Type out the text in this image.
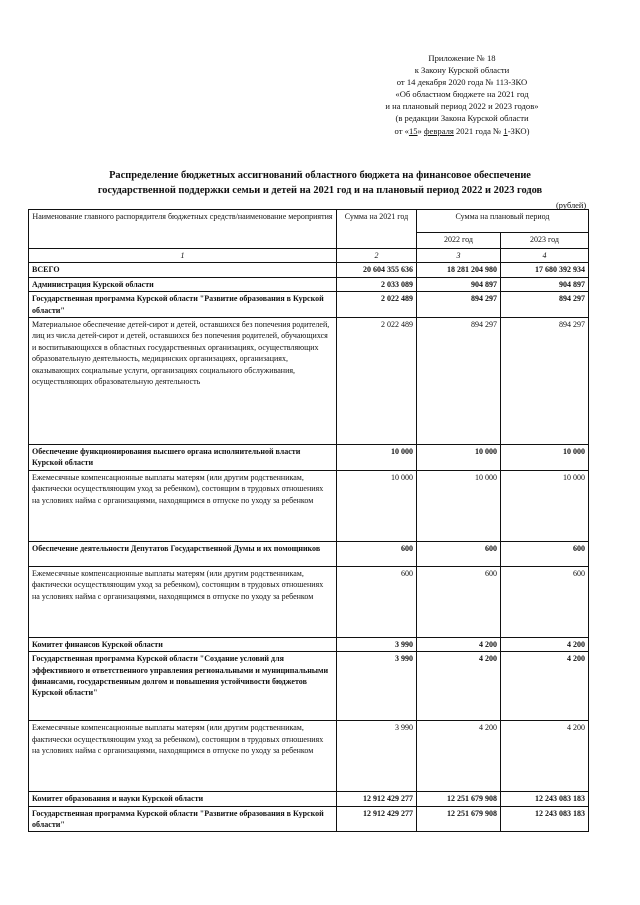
Приложение № 18
к Закону Курской области
от 14 декабря 2020 года № 113-ЗКО
«Об областном бюджете на 2021 год
и на плановый период 2022 и 2023 годов»
(в редакции Закона Курской области
от «15» февраля 2021 года № 1-ЗКО)
Распределение бюджетных ассигнований областного бюджета на финансовое обеспечение
государственной поддержки семьи и детей на 2021 год и на плановый период 2022 и 2023 годов
(рублей)
Наименование главного распорядителя бюджетных средств/наименование мероприятия	Сумма на 2021 год	Сумма на плановый период	
		2022 год	2023 год
1	2	3	4
ВСЕГО	20 604 355 636	18 281 204 980	17 680 392 934
Администрация Курской области	2 033 089	904 897	904 897
Государственная программа Курской области "Развитие образования в Курской области"	2 022 489	894 297	894 297
Материальное обеспечение детей-сирот и детей, оставшихся без попечения родителей, лиц из числа детей-сирот и детей, оставшихся без попечения родителей, обучающихся и воспитывающихся в областных государственных организациях, осуществляющих образовательную деятельность, медицинских организациях, организациях, оказывающих социальные услуги, организациях социального обслуживания, осуществляющих образовательную деятельность	2 022 489	894 297	894 297
Обеспечение функционирования высшего органа исполнительной власти Курской области	10 000	10 000	10 000
Ежемесячные компенсационные выплаты матерям (или другим родственникам, фактически осуществляющим уход за ребенком), состоящим в трудовых отношениях на условиях найма с организациями, находящимся в отпуске по уходу за ребенком	10 000	10 000	10 000
Обеспечение деятельности Депутатов Государственной Думы и их помощников	600	600	600
Ежемесячные компенсационные выплаты матерям (или другим родственникам, фактически осуществляющим уход за ребенком), состоящим в трудовых отношениях на условиях найма с организациями, находящимся в отпуске по уходу за ребенком	600	600	600
Комитет финансов Курской области	3 990	4 200	4 200
Государственная программа Курской области "Создание условий для эффективного и ответственного управления региональными и муниципальными финансами, государственным долгом и повышения устойчивости бюджетов Курской области"	3 990	4 200	4 200
Ежемесячные компенсационные выплаты матерям (или другим родственникам, фактически осуществляющим уход за ребенком), состоящим в трудовых отношениях на условиях найма с организациями, находящимся в отпуске по уходу за ребенком	3 990	4 200	4 200
Комитет образования и науки Курской области	12 912 429 277	12 251 679 908	12 243 083 183
Государственная программа Курской области "Развитие образования в Курской области"	12 912 429 277	12 251 679 908	12 243 083 183
